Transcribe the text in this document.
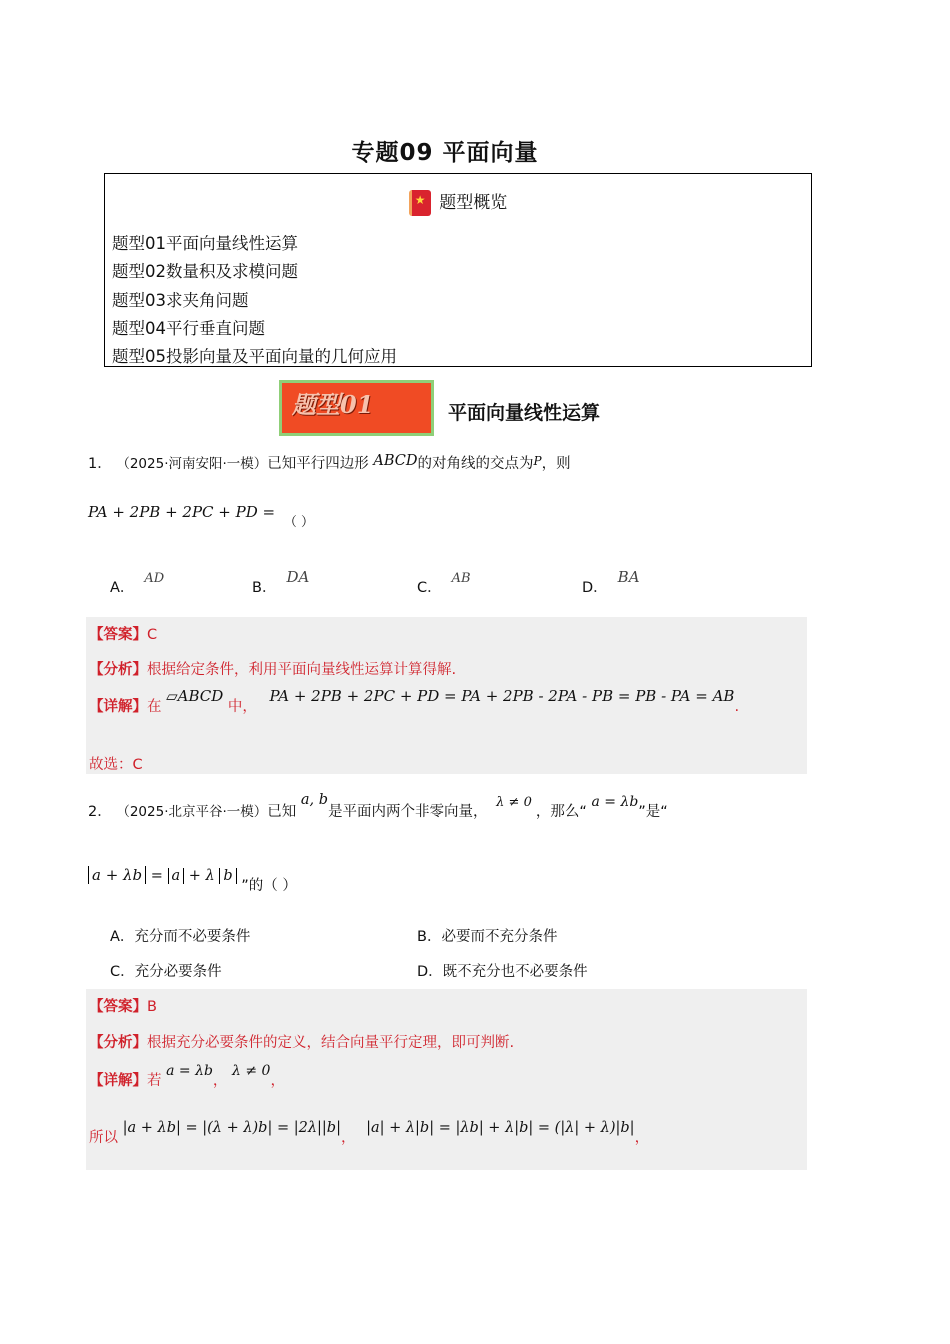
专题09 平面向量
★ 题型概览
题型01平面向量线性运算
题型02数量积及求模问题
题型03求夹角问题
题型04平行垂直问题
题型05投影向量及平面向量的几何应用
题型01	平面向量线性运算
1． （2025·河南安阳·一模）已知平行四边形 ABCD的对角线的交点为$^P$，则
PA + 2PB + 2PC + PD = （ ）
A．AD
B．DA
C．AB
D．BA
【答案】C
【分析】根据给定条件，利用平面向量线性运算计算得解.
【详解】在 ▱ABCD 中， PA + 2PB + 2PC + PD = PA + 2PB - 2PA - PB = PB - PA = AB.
故选：C
2． （2025·北京平谷·一模）已知 a, b是平面内两个非零向量， λ ≠ 0，那么“ a = λb”是“
a + λb = a + λ b ”的（ ）
A．充分而不必要条件	B．必要而不充分条件
C．充分必要条件	D．既不充分也不必要条件
【答案】B
【分析】根据充分必要条件的定义，结合向量平行定理，即可判断.
【详解】若 a = λb， λ ≠ 0，
所以 |a + λb| = |(λ + λ)b| = |2λ||b|， |a| + λ|b| = |λb| + λ|b| = (|λ| + λ)|b|，
